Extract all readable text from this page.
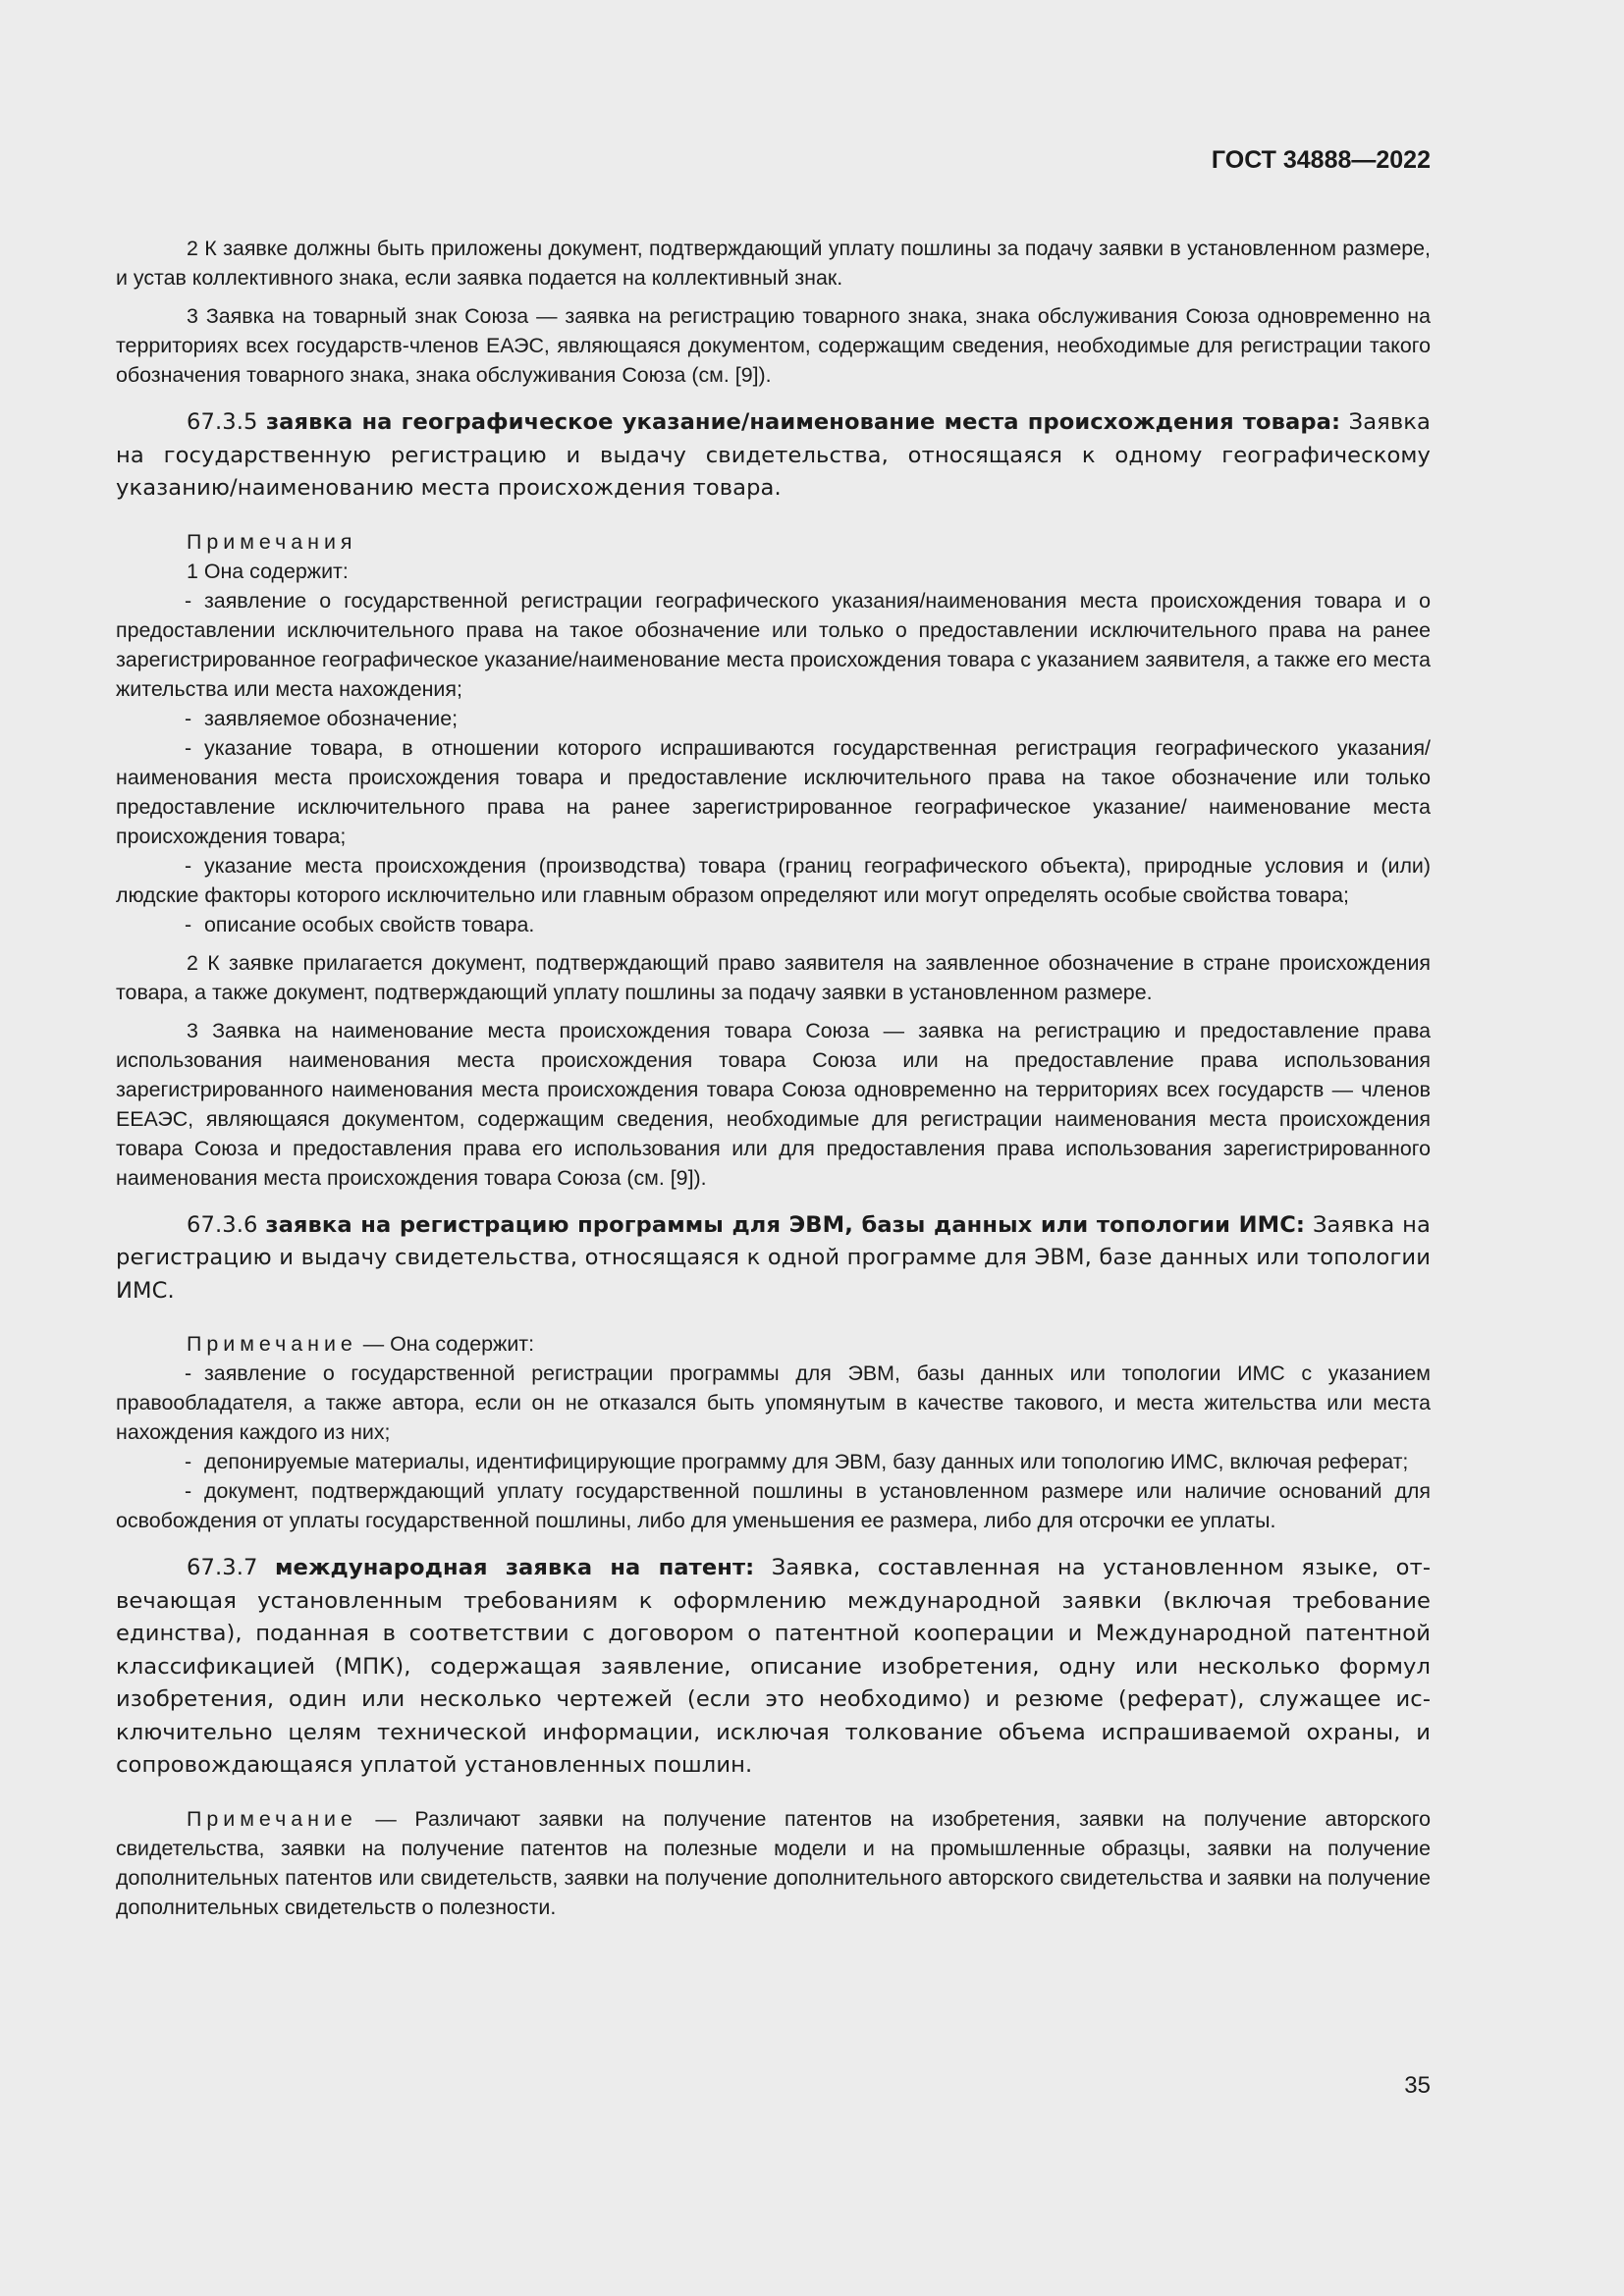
ГОСТ 34888—2022

2 К заявке должны быть приложены документ, подтверждающий уплату пошлины за подачу заявки в установленном размере, и устав коллективного знака, если заявка подается на коллективный знак.

3 Заявка на товарный знак Союза — заявка на регистрацию товарного знака, знака обслуживания Союза одновременно на территориях всех государств-членов ЕАЭС, являющаяся документом, содержащим сведения, необходимые для регистрации такого обозначения товарного знака, знака обслуживания Союза (см. [9]).

67.3.5 заявка на географическое указание/наименование места происхождения товара: Заявка на государственную регистрацию и выдачу свидетельства, относящаяся к одному географическому указанию/наименованию места происхождения товара.

Примечания

1 Она содержит:

- заявление о государственной регистрации географического указания/наименования места происхождения товара и о предоставлении исключительного права на такое обозначение или только о предоставлении исключительного права на ранее зарегистрированное географическое указание/наименование места происхождения товара с указанием заявителя, а также его места жительства или места нахождения;

- заявляемое обозначение;

- указание товара, в отношении которого испрашиваются государственная регистрация географического указания/наименования места происхождения товара и предоставление исключительного права на такое обозначение или только предоставление исключительного права на ранее зарегистрированное географическое указание/ наименование места происхождения товара;

- указание места происхождения (производства) товара (границ географического объекта), природные условия и (или) людские факторы которого исключительно или главным образом определяют или могут определять особые свойства товара;

- описание особых свойств товара.

2 К заявке прилагается документ, подтверждающий право заявителя на заявленное обозначение в стране происхождения товара, а также документ, подтверждающий уплату пошлины за подачу заявки в установленном размере.

3 Заявка на наименование места происхождения товара Союза — заявка на регистрацию и предоставление права использования наименования места происхождения товара Союза или на предоставление права использования зарегистрированного наименования места происхождения товара Союза одновременно на территориях всех государств — членов ЕЕАЭС, являющаяся документом, содержащим сведения, необходимые для регистрации наименования места происхождения товара Союза и предоставления права его использования или для предоставления права использования зарегистрированного наименования места происхождения товара Союза (см. [9]).

67.3.6 заявка на регистрацию программы для ЭВМ, базы данных или топологии ИМС: Заявка на регистрацию и выдачу свидетельства, относящаяся к одной программе для ЭВМ, базе данных или топологии ИМС.

Примечание — Она содержит:

- заявление о государственной регистрации программы для ЭВМ, базы данных или топологии ИМС с указанием правообладателя, а также автора, если он не отказался быть упомянутым в качестве такового, и места жительства или места нахождения каждого из них;

- депонируемые материалы, идентифицирующие программу для ЭВМ, базу данных или топологию ИМС, включая реферат;

- документ, подтверждающий уплату государственной пошлины в установленном размере или наличие оснований для освобождения от уплаты государственной пошлины, либо для уменьшения ее размера, либо для отсрочки ее уплаты.

67.3.7 международная заявка на патент: Заявка, составленная на установленном языке, отвечающая установленным требованиям к оформлению международной заявки (включая требование единства), поданная в соответствии с договором о патентной кооперации и Международной патентной классификацией (МПК), содержащая заявление, описание изобретения, одну или несколько формул изобретения, один или несколько чертежей (если это необходимо) и резюме (реферат), служащее исключительно целям технической информации, исключая толкование объема испрашиваемой охраны, и сопровождающаяся уплатой установленных пошлин.

Примечание — Различают заявки на получение патентов на изобретения, заявки на получение авторского свидетельства, заявки на получение патентов на полезные модели и на промышленные образцы, заявки на получение дополнительных патентов или свидетельств, заявки на получение дополнительного авторского свидетельства и заявки на получение дополнительных свидетельств о полезности.

35
